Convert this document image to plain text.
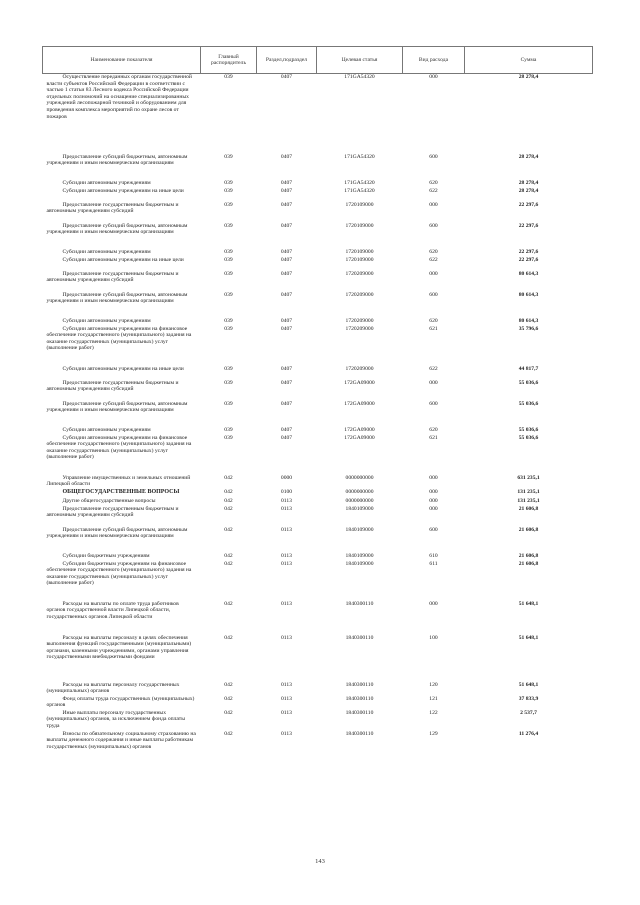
Наименование показателя	Главный распорядитель	Раздел,подраздел	Целевая статья	Вид расхода	Сумма
Осуществление переданных органам государственной власти субъектов Российской Федерации в соответствии с частью 1 статьи 83 Лесного кодекса Российской Федерации отдельных полномочий на оснащение специализированных учреждений лесопожарной техникой и оборудованием для проведения комплекса мероприятий по охране лесов от пожаров	039	0407	171GA54320	000	28 278,4
Предоставление субсидий бюджетным, автономным учреждениям и иным некоммерческим организациям	039	0407	171GA54320	600	28 278,4
Субсидии автономным учреждениям	039	0407	171GA54320	620	28 278,4
Субсидии автономным учреждениям на иные цели	039	0407	171GA54320	622	28 278,4
Предоставление государственным бюджетным и автономным учреждениям субсидий	039	0407	1720109000	000	22 297,6
Предоставление субсидий бюджетным, автономным учреждениям и иным некоммерческим организациям	039	0407	1720109000	600	22 297,6
Субсидии автономным учреждениям	039	0407	1720109000	620	22 297,6
Субсидии автономным учреждениям на иные цели	039	0407	1720109000	622	22 297,6
Предоставление государственным бюджетным и автономным учреждениям субсидий	039	0407	1720209000	000	80 614,3
Предоставление субсидий бюджетным, автономным учреждениям и иным некоммерческим организациям	039	0407	1720209000	600	80 614,3
Субсидии автономным учреждениям	039	0407	1720209000	620	80 614,3
Субсидии автономным учреждениям на финансовое обеспечение государственного (муниципального) задания на оказание государственных (муниципальных) услуг (выполнение работ)	039	0407	1720209000	621	35 796,6
Субсидии автономным учреждениям на иные цели	039	0407	1720209000	622	44 817,7
Предоставление государственным бюджетным и автономным учреждениям субсидий	039	0407	172GA09000	000	55 036,6
Предоставление субсидий бюджетным, автономным учреждениям и иным некоммерческим организациям	039	0407	172GA09000	600	55 036,6
Субсидии автономным учреждениям	039	0407	172GA09000	620	55 036,6
Субсидии автономным учреждениям на финансовое обеспечение государственного (муниципального) задания на оказание государственных (муниципальных) услуг (выполнение работ)	039	0407	172GA09000	621	55 036,6
Управление имущественных и земельных отношений Липецкой области	042	0000	0000000000	000	631 235,1
ОБЩЕГОСУДАРСТВЕННЫЕ ВОПРОСЫ	042	0100	0000000000	000	131 235,1
Другие общегосударственные вопросы	042	0113	0000000000	000	131 235,1
Предоставление государственным бюджетным и автономным учреждениям субсидий	042	0113	1840109000	000	21 606,8
Предоставление субсидий бюджетным, автономным учреждениям и иным некоммерческим организациям	042	0113	1840109000	600	21 606,8
Субсидии бюджетным учреждениям	042	0113	1840109000	610	21 606,8
Субсидии бюджетным учреждениям на финансовое обеспечение государственного (муниципального) задания на оказание государственных (муниципальных) услуг (выполнение работ)	042	0113	1840109000	611	21 606,8
Расходы на выплаты по оплате труда работников органов государственной власти Липецкой области, государственных органов Липецкой области	042	0113	1840300110	000	51 648,1
Расходы на выплаты персоналу в целях обеспечения выполнения функций государственными (муниципальными) органами, казенными учреждениями, органами управления государственными внебюджетными фондами	042	0113	1840300110	100	51 648,1
Расходы на выплаты персоналу государственных (муниципальных) органов	042	0113	1840300110	120	51 648,1
Фонд оплаты труда государственных (муниципальных) органов	042	0113	1840300110	121	37 833,9
Иные выплаты персоналу государственных (муниципальных) органов, за исключением фонда оплаты труда	042	0113	1840300110	122	2 537,7
Взносы по обязательному социальному страхованию на выплаты денежного содержания и иные выплаты работникам государственных (муниципальных) органов	042	0113	1840300110	129	11 276,4
143
